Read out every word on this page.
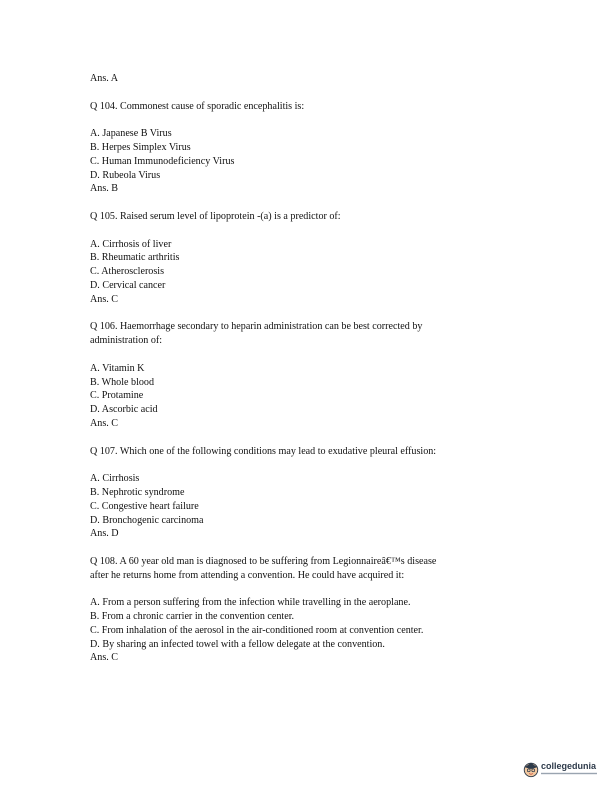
Ans. A

Q 104. Commonest cause of sporadic encephalitis is:

A. Japanese B Virus

B. Herpes Simplex Virus

C. Human Immunodeficiency Virus

D. Rubeola Virus

Ans. B

Q 105. Raised serum level of lipoprotein -(a) is a predictor of:

A. Cirrhosis of liver

B. Rheumatic arthritis

C. Atherosclerosis

D. Cervical cancer

Ans. C

Q 106. Haemorrhage secondary to heparin administration can be best corrected by

administration of:

A. Vitamin K

B. Whole blood

C. Protamine

D. Ascorbic acid

Ans. C

Q 107. Which one of the following conditions may lead to exudative pleural effusion:

A. Cirrhosis

B. Nephrotic syndrome

C. Congestive heart failure

D. Bronchogenic carcinoma

Ans. D

Q 108. A 60 year old man is diagnosed to be suffering from Legionnaireâ€™s disease

after he returns home from attending a convention. He could have acquired it:

A. From a person suffering from the infection while travelling in the aeroplane.

B. From a chronic carrier in the convention center.

C. From inhalation of the aerosol in the air-conditioned room at convention center.

D. By sharing an infected towel with a fellow delegate at the convention.

Ans. C

collegedunia
